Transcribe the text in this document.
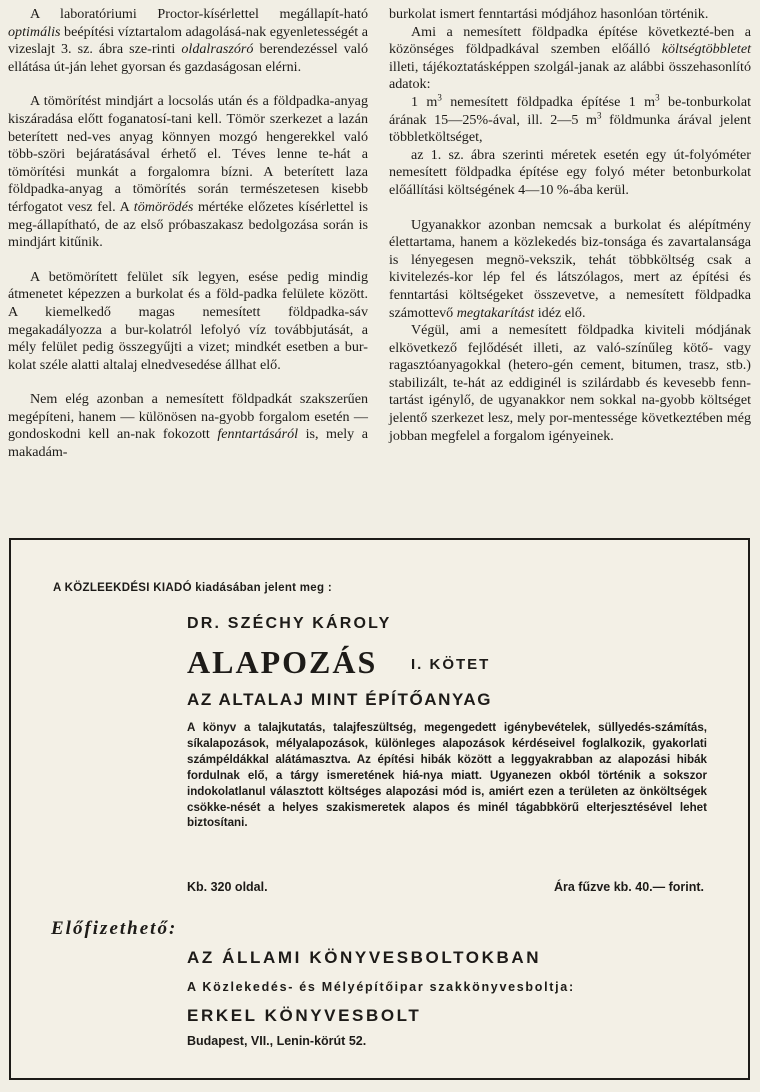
A laboratóriumi Proctor-kísérlettel megállapít-ható optimális beépítési víztartalom adagolásá-nak egyenletességét a vizeslajt 3. sz. ábra sze-rinti oldalraszóró berendezéssel való ellátása út-ján lehet gyorsan és gazdaságosan elérni.

A tömörítést mindjárt a locsolás után és a földpadka-anyag kiszáradása előtt foganatosí-tani kell. Tömör szerkezet a lazán beterített ned-ves anyag könnyen mozgó hengerekkel való több-szöri bejáratásával érhető el. Téves lenne te-hát a tömörítési munkát a forgalomra bízni. A beterített laza földpadka-anyag a tömörítés során természetesen kisebb térfogatot vesz fel. A tömörödés mértéke előzetes kísérlettel is meg-állapítható, de az első próbaszakasz bedolgozása során is mindjárt kitűnik.

A betömörített felület sík legyen, esése pedig mindig átmenetet képezzen a burkolat és a föld-padka felülete között. A kiemelkedő magas nemesített földpadka-sáv megakadályozza a bur-kolatról lefolyó víz továbbjutását, a mély felület pedig összegyűjti a vizet; mindkét esetben a bur-kolat széle alatti altalaj elnedvesedése állhat elő.

Nem elég azonban a nemesített földpadkát szakszerűen megépíteni, hanem — különösen na-gyobb forgalom esetén — gondoskodni kell an-nak fokozott fenntartásáról is, mely a makadám-

burkolat ismert fenntartási módjához hasonlóan történik.

Ami a nemesített földpadka építése következté-ben a közönséges földpadkával szemben előálló költségtöbbletet illeti, tájékoztatásképpen szolgál-janak az alábbi összehasonlító adatok:

1 $m^3$ nemesített földpadka építése 1 $m^3$ be-tonburkolat árának 15—25%-ával, ill. 2—5 $m^3$ földmunka árával jelent többletköltséget,

az 1. sz. ábra szerinti méretek esetén egy út-folyóméter nemesített földpadka építése egy folyó méter betonburkolat előállítási költségének 4—10 %-ába kerül.

Ugyanakkor azonban nemcsak a burkolat és alépítmény élettartama, hanem a közlekedés biz-tonsága és zavartalansága is lényegesen megnö-vekszik, tehát többköltség csak a kivitelezés-kor lép fel és látszólagos, mert az építési és fenntartási költségeket összevetve, a nemesített földpadka számottevő megtakarítást idéz elő.

Végül, ami a nemesített földpadka kiviteli módjának elkövetkező fejlődését illeti, az való-színűleg kötő- vagy ragasztóanyagokkal (hetero-gén cement, bitumen, trasz, stb.) stabilizált, te-hát az eddiginél is szilárdabb és kevesebb fenn-tartást igénylő, de ugyanakkor nem sokkal na-gyobb költséget jelentő szerkezet lesz, mely por-mentessége következtében még jobban megfelel a forgalom igényeinek.

A KÖZLEEKDÉSI KIADÓ kiadásában jelent meg :
DR. SZÉCHY KÁROLY
ALAPOZÁS I. KÖTET
AZ ALTALAJ MINT ÉPÍTŐANYAG
A könyv a talajkutatás, talajfeszültség, megengedett igénybevételek, süllyedés-számítás, síkalapozások, mélyalapozások, különleges alapozások kérdéseivel foglalkozik, gyakorlati számpéldákkal alátámasztva. Az építési hibák között a leggyakrabban az alapozási hibák fordulnak elő, a tárgy ismeretének hiá-nya miatt. Ugyanezen okból történik a sokszor indokolatlanul választott költséges alapozási mód is, amiért ezen a területen az önköltségek csökke-nését a helyes szakismeretek alapos és minél tágabbkörű elterjesztésével lehet biztosítani.
Kb. 320 oldal.	Ára fűzve kb. 40.— forint.
Előfizethető:
AZ ÁLLAMI KÖNYVESBOLTOKBAN
A Közlekedés- és Mélyépítőipar szakkönyvesboltja:
ERKEL KÖNYVESBOLT
Budapest, VII., Lenin-körút 52.
